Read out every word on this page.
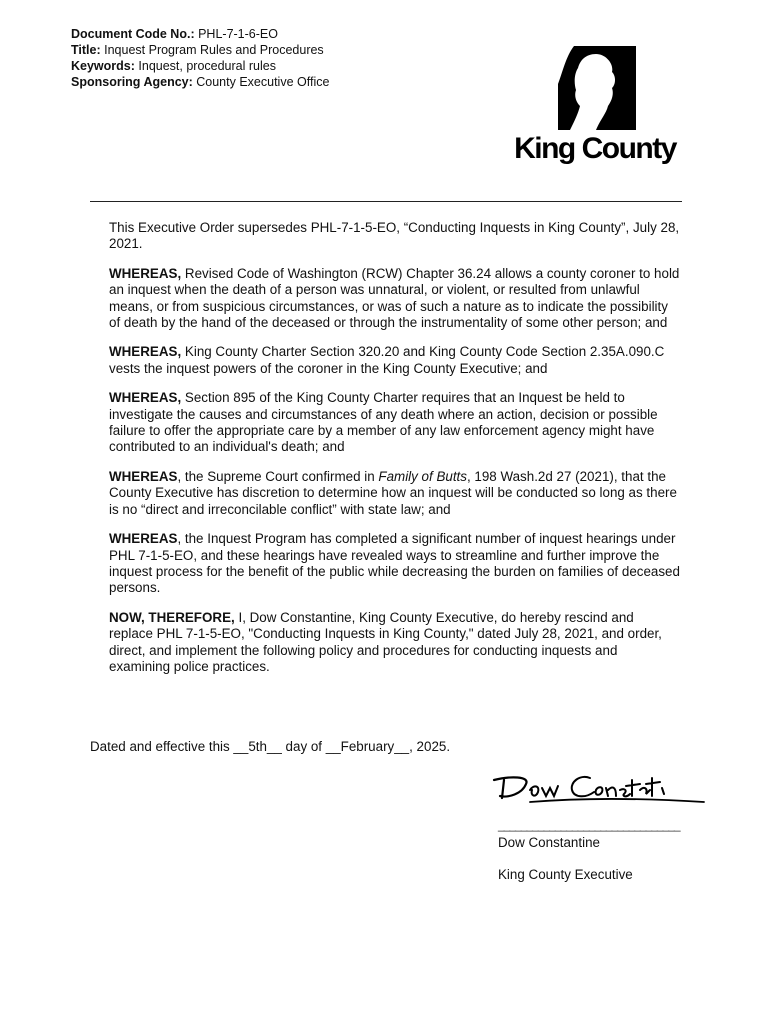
Document Code No.: PHL-7-1-6-EO
Title: Inquest Program Rules and Procedures
Keywords: Inquest, procedural rules
Sponsoring Agency: County Executive Office
King County

This Executive Order supersedes PHL-7-1-5-EO, “Conducting Inquests in King County”, July 28, 2021.

WHEREAS, Revised Code of Washington (RCW) Chapter 36.24 allows a county coroner to hold an inquest when the death of a person was unnatural, or violent, or resulted from unlawful means, or from suspicious circumstances, or was of such a nature as to indicate the possibility of death by the hand of the deceased or through the instrumentality of some other person; and

WHEREAS, King County Charter Section 320.20 and King County Code Section 2.35A.090.C vests the inquest powers of the coroner in the King County Executive; and

WHEREAS, Section 895 of the King County Charter requires that an Inquest be held to investigate the causes and circumstances of any death where an action, decision or possible failure to offer the appropriate care by a member of any law enforcement agency might have contributed to an individual's death; and

WHEREAS, the Supreme Court confirmed in Family of Butts, 198 Wash.2d 27 (2021), that the County Executive has discretion to determine how an inquest will be conducted so long as there is no “direct and irreconcilable conflict” with state law; and

WHEREAS, the Inquest Program has completed a significant number of inquest hearings under PHL 7-1-5-EO, and these hearings have revealed ways to streamline and further improve the inquest process for the benefit of the public while decreasing the burden on families of deceased persons.

NOW, THEREFORE, I, Dow Constantine, King County Executive, do hereby rescind and replace PHL 7-1-5-EO, "Conducting Inquests in King County," dated July 28, 2021, and order, direct, and implement the following policy and procedures for conducting inquests and examining police practices.

Dated and effective this __5th__ day of __February__, 2025.
________________________________
Dow Constantine
King County Executive
